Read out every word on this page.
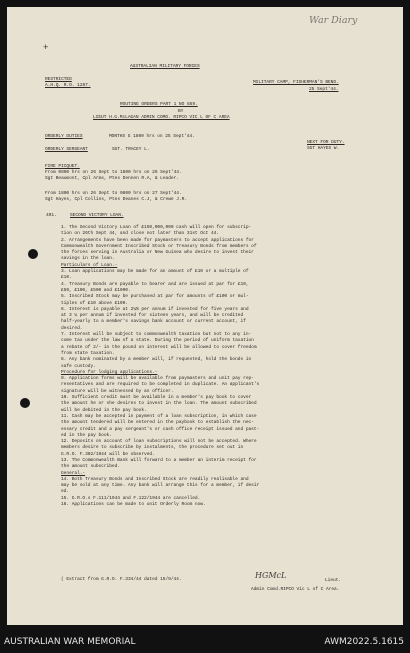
War Diary
+
AUSTRALIAN MILITARY FORCES
RESTRICTED
A.H.Q. R.O. 1287.
MILITARY CAMP, FISHERMAN'S BEND.
25 Sept'44.
ROUTINE ORDERS PART 1 NO 859.
BY
LIEUT H.G.McLAGAN ADMIN COMD. RIPCO VIC L OF C AREA
ORDERLY DUTIES	MONTHS G 1800 hrs on 25 Sept'44.
NEXT FOR DUTY.
SGT HAYES W.
ORDERLY SERGEANT	SGT. TRACEY L.
FIRE PICQUET.
From 0800 hrs on 26 Sept to 1800 hrs on 26 Sept'44.
Sgt Beaumont, Cpl Arms, Ptes Dennen R.A, & Leader.
From 1800 hrs on 26 Sept to 0800 hrs on 27 Sept'44.
Sgt Hayes, Cpl Collins, Ptes Deanes C.J, & Crewe J.R.
491.	SECOND VICTORY LOAN.
1. The Second Victory Loan of £150,000,000 cash will open for subscrip-
tion on 26th Sept 44, and close not later than 31st Oct 44.
2. Arrangements have been made for paymasters to accept applications for
Commonwealth Government Inscribed Stock or Treasury Bonds from members of
the forces serving in Australia or New Guinea who desire to invest their
savings in the loan.
Particulars of Loan.-
3. Loan applications may be made for an amount of £10 or a multiple of
£10.
4. Treasury Bonds are payable to bearer and are issued at par for £10,
£50, £100, £500 and £1000.
5. Inscribed Stock may be purchased at par for amounts of £100 or mul-
tiples of £10 above £100.
6. Interest is payable at 2¼% per annum if invested for five years and
at 3 ¼ per annum if invested for sixteen years, and will be credited
half-yearly to a member's savings bank account or current account, if
desired.
7. Interest will be subject to commonwealth taxation but not to any in-
come tax under the law of a state. During the period of uniform taxation
a rebate of 2/- in the pound on interest will be allowed to cover freedom
from state taxation.
8. Any bank nominated by a member will, if requested, hold the bonds in
safe custody.
Procedure for lodging applications.-
9. Application forms will be available from paymasters and unit pay rep-
resentatives and are required to be completed in duplicate. An applicant's
signature will be witnessed by an officer.
10. Sufficient credit must be available in a member's pay book to cover
the amount he or she desires to invest in the loan. The amount subscribed
will be debited in the pay book.
11. Cash may be accepted in payment of a loan subscription, in which case
the amount tendered will be entered in the paybook to establish the nec-
essary credit and a pay sergeant's or cash office receipt issued and past-
ed in the pay book.
12. Deposits on account of loan subscriptions will not be accepted. Where
members desire to subscribe by instalments, the procedure set out in
G.R.O. F.302/1944 will be observed.
13. The Commonwealth Bank will forward to a member an interim receipt for
the amount subscribed.
General.-
14. Both Treasury Bonds and Inscribed Stock are readily realisable and
may be sold at any time. Any bank will arrange this for a member, if desir
ed.
15. G.R.O.s F.111/1944 and F.122/1944 are cancelled.
16. Applications can be made to unit Orderly Room now.
( Extract from G.R.O. F.334/44 dated 15/9/44.	HGMcL
Lieut.
Admin Comd.RIPCO Vic L of C Area.
AUSTRALIAN WAR MEMORIAL	AWM2022.5.1615
